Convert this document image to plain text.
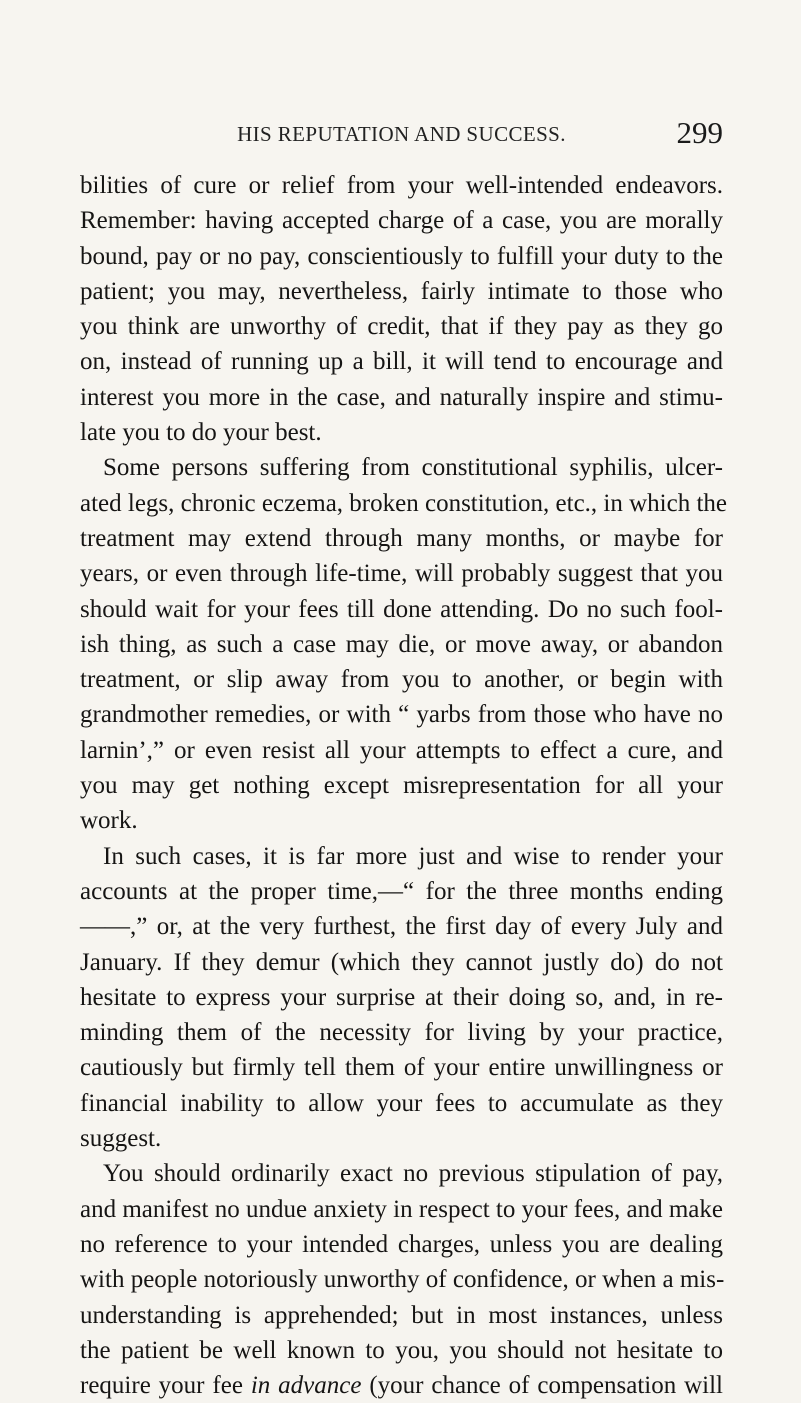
HIS REPUTATION AND SUCCESS.	299
bilities of cure or relief from your well-intended endeavors.
Remember: having accepted charge of a case, you are morally
bound, pay or no pay, conscientiously to fulfill your duty to the
patient; you may, nevertheless, fairly intimate to those who
you think are unworthy of credit, that if they pay as they go
on, instead of running up a bill, it will tend to encourage and
interest you more in the case, and naturally inspire and stimu-
late you to do your best.
Some persons suffering from constitutional syphilis, ulcer-
ated legs, chronic eczema, broken constitution, etc., in which the
treatment may extend through many months, or maybe for
years, or even through life-time, will probably suggest that you
should wait for your fees till done attending. Do no such fool-
ish thing, as such a case may die, or move away, or abandon
treatment, or slip away from you to another, or begin with
grandmother remedies, or with “ yarbs from those who have no
larnin’,” or even resist all your attempts to effect a cure, and
you may get nothing except misrepresentation for all your
work.
In such cases, it is far more just and wise to render your
accounts at the proper time,—“ for the three months ending
——,” or, at the very furthest, the first day of every July and
January. If they demur (which they cannot justly do) do not
hesitate to express your surprise at their doing so, and, in re-
minding them of the necessity for living by your practice,
cautiously but firmly tell them of your entire unwillingness or
financial inability to allow your fees to accumulate as they
suggest.
You should ordinarily exact no previous stipulation of pay,
and manifest no undue anxiety in respect to your fees, and make
no reference to your intended charges, unless you are dealing
with people notoriously unworthy of confidence, or when a mis-
understanding is apprehended; but in most instances, unless
the patient be well known to you, you should not hesitate to
require your fee in advance (your chance of compensation will
